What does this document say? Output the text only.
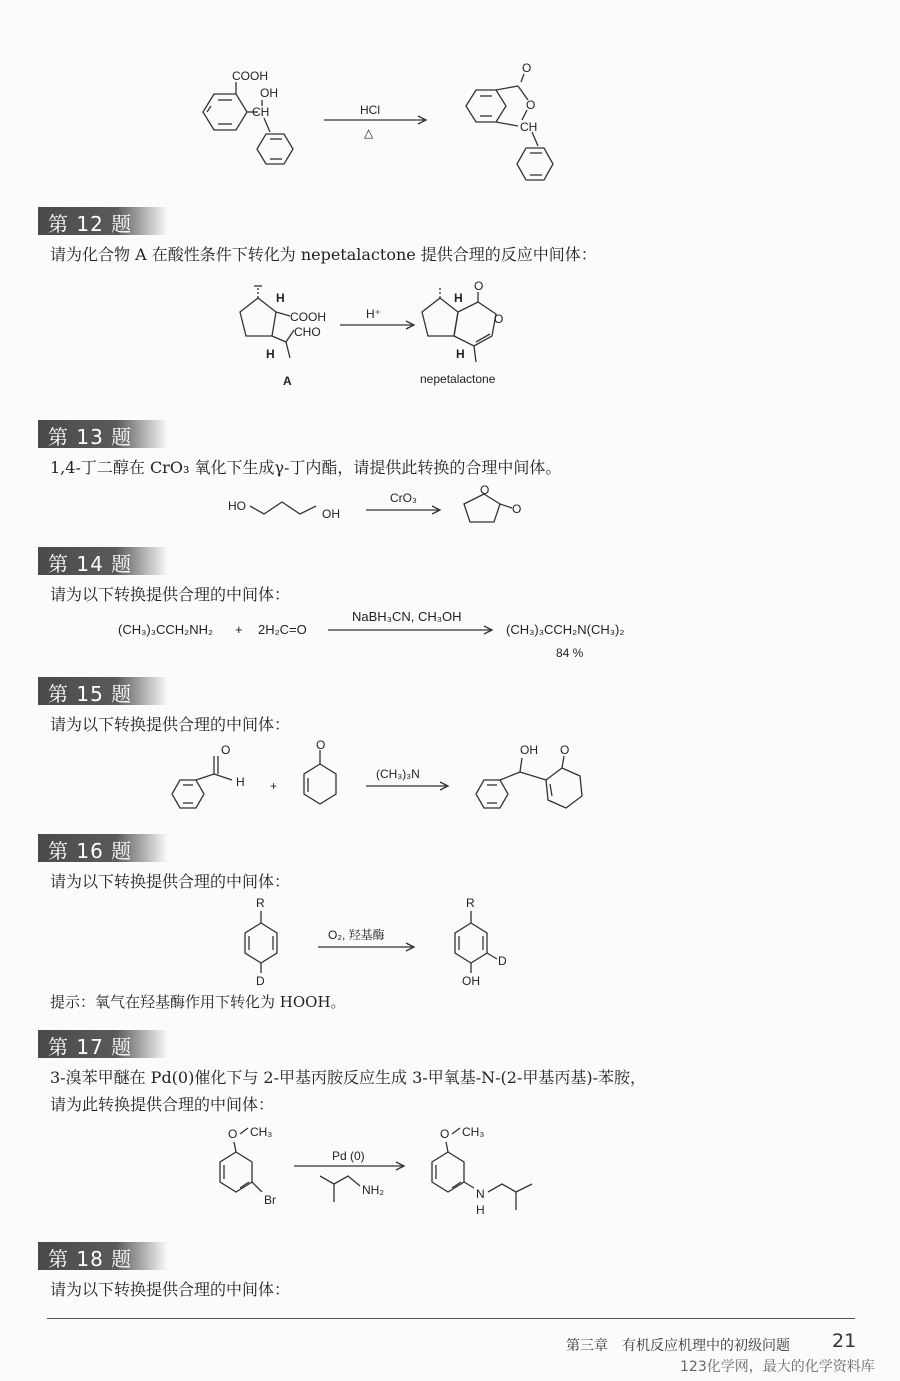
COOH
OH
CH	HCl
△
O
O
CH
第 12 题
请为化合物 A 在酸性条件下转化为 nepetalactone 提供合理的反应中间体：
H
COOH
CHO
H
A
H⁺
H
O
O
H
nepetalactone
第 13 题
1,4-丁二醇在 CrO₃ 氧化下生成γ-丁内酯，请提供此转换的合理中间体。
HO
OH
CrO₃
O
O
第 14 题
请为以下转换提供合理的中间体：
(CH₃)₃CCH₂NH₂ + 2H₂C=O
NaBH₃CN, CH₃OH
(CH₃)₃CCH₂N(CH₃)₂
84 %
第 15 题
请为以下转换提供合理的中间体：
O
H +
O
(CH₃)₃N
OH O
第 16 题
请为以下转换提供合理的中间体：
R
D
O₂, 羟基酶
R
D
OH
提示：氧气在羟基酶作用下转化为 HOOH。
第 17 题
3-溴苯甲醚在 Pd(0)催化下与 2-甲基丙胺反应生成 3-甲氧基-N-(2-甲基丙基)-苯胺，
请为此转换提供合理的中间体：
O CH₃
Br
Pd (0)
NH₂
O CH₃
N
H
第 18 题
请为以下转换提供合理的中间体：
第三章　有机反应机理中的初级问题 21
123化学网，最大的化学资料库
